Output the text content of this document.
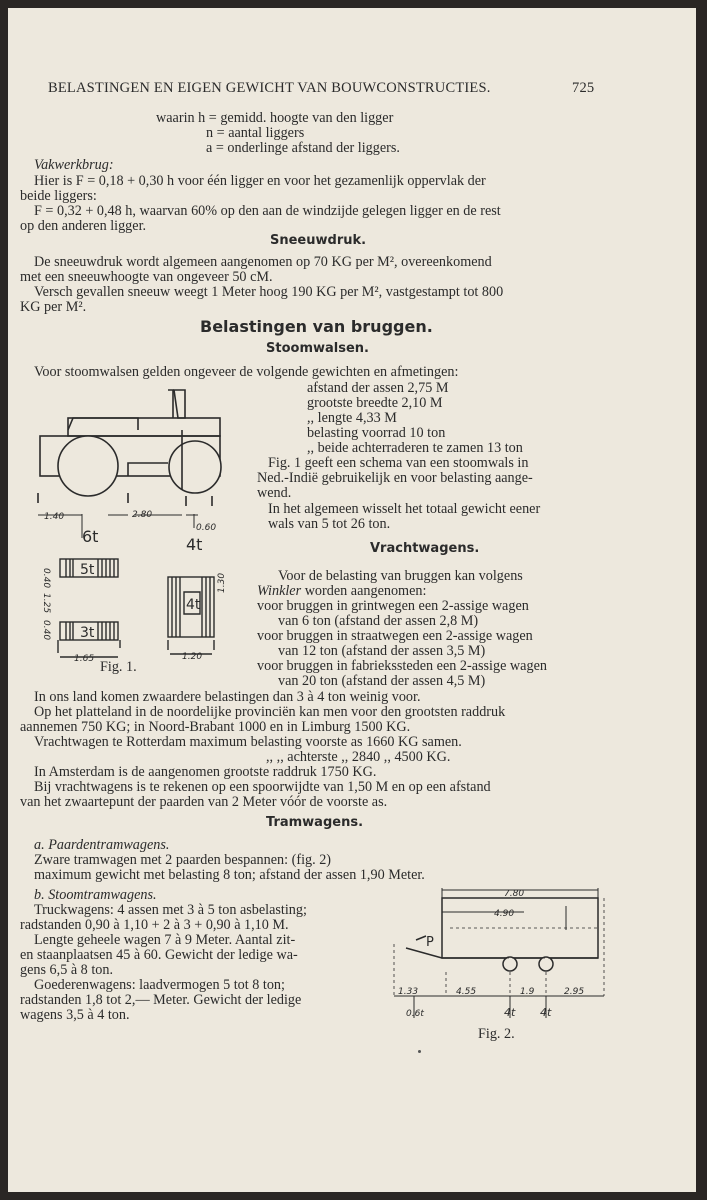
BELASTINGEN EN EIGEN GEWICHT VAN BOUWCONSTRUCTIES.	725
waarin h = gemidd. hoogte van den ligger
n = aantal liggers
a = onderlinge afstand der liggers.
Vakwerkbrug:
Hier is F = 0,18 + 0,30 h voor één ligger en voor het gezamenlijk oppervlak der
beide liggers:
F = 0,32 + 0,48 h, waarvan 60% op den aan de windzijde gelegen ligger en de rest
op den anderen ligger.
Sneeuwdruk.
De sneeuwdruk wordt algemeen aangenomen op 70 KG per M², overeenkomend
met een sneeuwhoogte van ongeveer 50 cM.
Versch gevallen sneeuw weegt 1 Meter hoog 190 KG per M², vastgestampt tot 800
KG per M².
Belastingen van bruggen.
Stoomwalsen.
Voor stoomwalsen gelden ongeveer de volgende gewichten en afmetingen:
afstand der assen 2,75 M
grootste breedte 2,10 M
,, lengte 4,33 M
belasting voorrad 10 ton
,, beide achterraderen te zamen 13 ton
Fig. 1 geeft een schema van een stoomwals in
Ned.-Indië gebruikelijk en voor belasting aange-
wend.
In het algemeen wisselt het totaal gewicht eener
wals van 5 tot 26 ton.
Vrachtwagens.
Voor de belasting van bruggen kan volgens
Winkler worden aangenomen:
voor bruggen in grintwegen een 2-assige wagen
van 6 ton (afstand der assen 2,8 M)
voor bruggen in straatwegen een 2-assige wagen
van 12 ton (afstand der assen 3,5 M)
voor bruggen in fabriekssteden een 2-assige wagen
van 20 ton (afstand der assen 4,5 M)
Fig. 1.
In ons land komen zwaardere belastingen dan 3 à 4 ton weinig voor.
Op het platteland in de noordelijke provinciën kan men voor den grootsten raddruk
aannemen 750 KG; in Noord-Brabant 1000 en in Limburg 1500 KG.
Vrachtwagen te Rotterdam maximum belasting voorste as 1660 KG samen.
,, ,, achterste ,, 2840 ,, 4500 KG.
In Amsterdam is de aangenomen grootste raddruk 1750 KG.
Bij vrachtwagens is te rekenen op een spoorwijdte van 1,50 M en op een afstand
van het zwaartepunt der paarden van 2 Meter vóór de voorste as.
Tramwagens.
a. Paardentramwagens.
Zware tramwagen met 2 paarden bespannen: (fig. 2)
maximum gewicht met belasting 8 ton; afstand der assen 1,90 Meter.
b. Stoomtramwagens.
Truckwagens: 4 assen met 3 à 5 ton asbelasting;
radstanden 0,90 à 1,10 + 2 à 3 + 0,90 à 1,10 M.
Lengte geheele wagen 7 à 9 Meter. Aantal zit-
en staanplaatsen 45 à 60. Gewicht der ledige wa-
gens 6,5 à 8 ton.
Goederenwagens: laadvermogen 5 tot 8 ton;
radstanden 1,8 tot 2,— Meter. Gewicht der ledige
wagens 3,5 à 4 ton.
Fig. 2.
1.40	2.80
0.60
6t	4t
5t
3t
4t
0.40
1.25
0.40
1.30
1.65	1.20
7.80
4.90
P
1.33	4.55	1.9	2.95
0.6t	4t 4t
